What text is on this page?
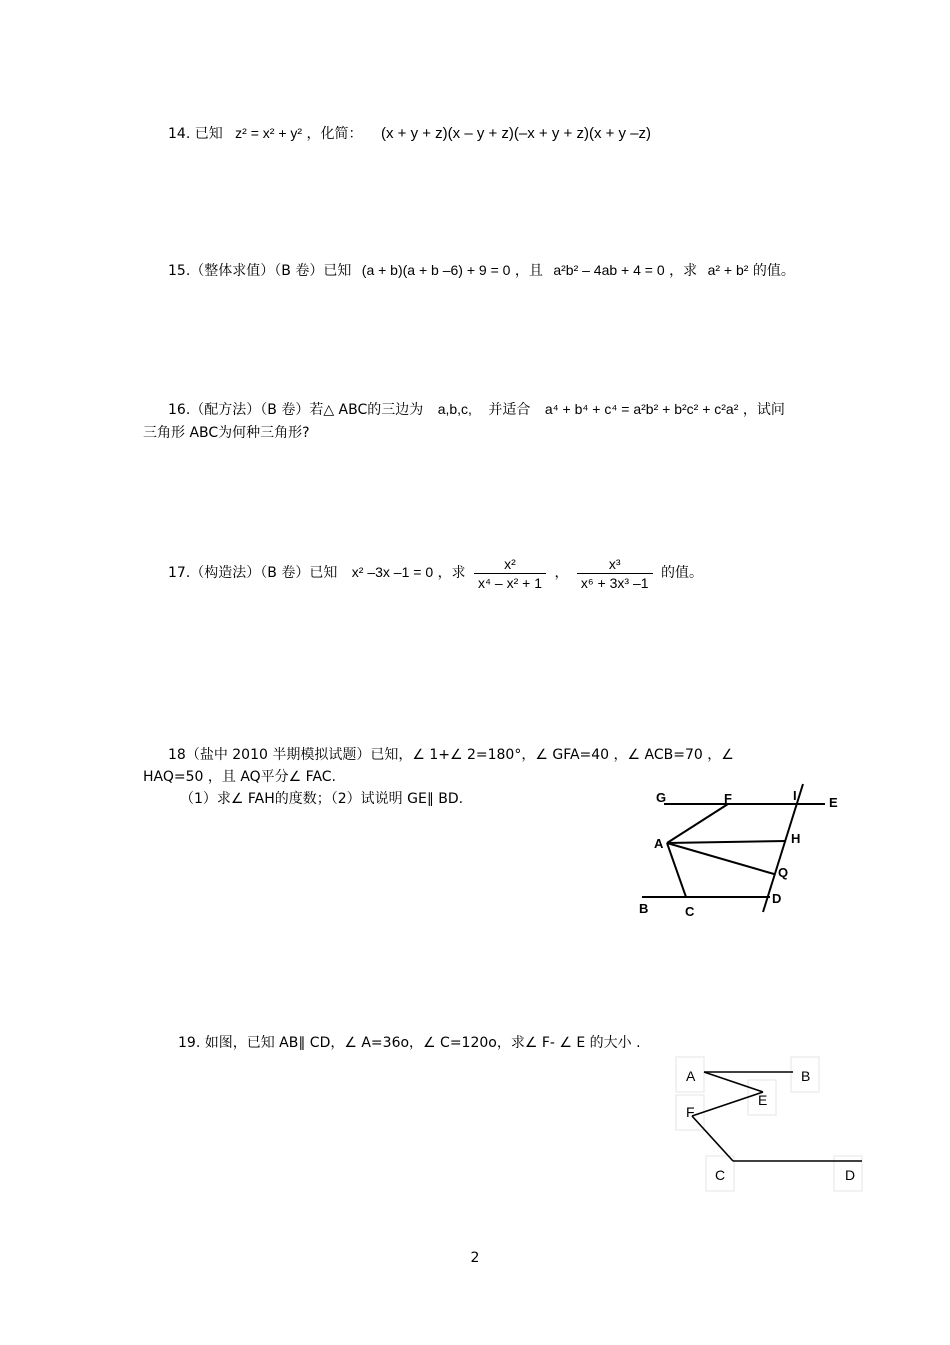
14. 已知 z² = x² + y² ，化简： (x + y + z)(x – y + z)(–x + y + z)(x + y –z)
15.（整体求值）（B 卷）已知 (a + b)(a + b –6) + 9 = 0 ，且 a²b² – 4ab + 4 = 0 ，求 a² + b² 的值。
16.（配方法）（B 卷）若△ ABC的三边为 a,b,c, 并适合 a⁴ + b⁴ + c⁴ = a²b² + b²c² + c²a² ，试问
三角形 ABC为何种三角形?
17.（构造法）（B 卷）已知 x² –3x –1 = 0 ，求 $\frac{\text{x²}}{\text{x⁴ – x² + 1}}$ ， $\frac{\text{x³}}{\text{x⁶ + 3x³ –1}}$ 的值。
18（盐中 2010 半期模拟试题）已知，∠ 1+∠ 2=180°，∠ GFA=40 ，∠ ACB=70 ，∠
HAQ=50 ，且 AQ平分∠ FAC.
（1）求∠ FAH的度数；（2）试说明 GE∥ BD.	G	F	I E
A	H
Q
B	C
D
19. 如图，已知 AB∥ CD，∠ A=36o，∠ C=120o，求∠ F- ∠ E 的大小 .
A	B
E
F
C	D
2
